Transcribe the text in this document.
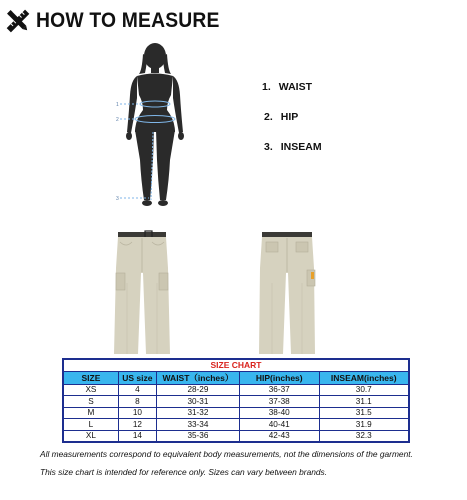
HOW TO MEASURE
1
2
3
1. WAIST
2. HIP
3. INSEAM
SIZE CHART				
SIZE	US size	WAIST（inches）	HIP(inches)	INSEAM(inches)
XS	4	28-29	36-37	30.7
S	8	30-31	37-38	31.1
M	10	31-32	38-40	31.5
L	12	33-34	40-41	31.9
XL	14	35-36	42-43	32.3
All measurements correspond to equivalent body measurements, not the dimensions of the garment.
This size chart is intended for reference only. Sizes can vary between brands.
